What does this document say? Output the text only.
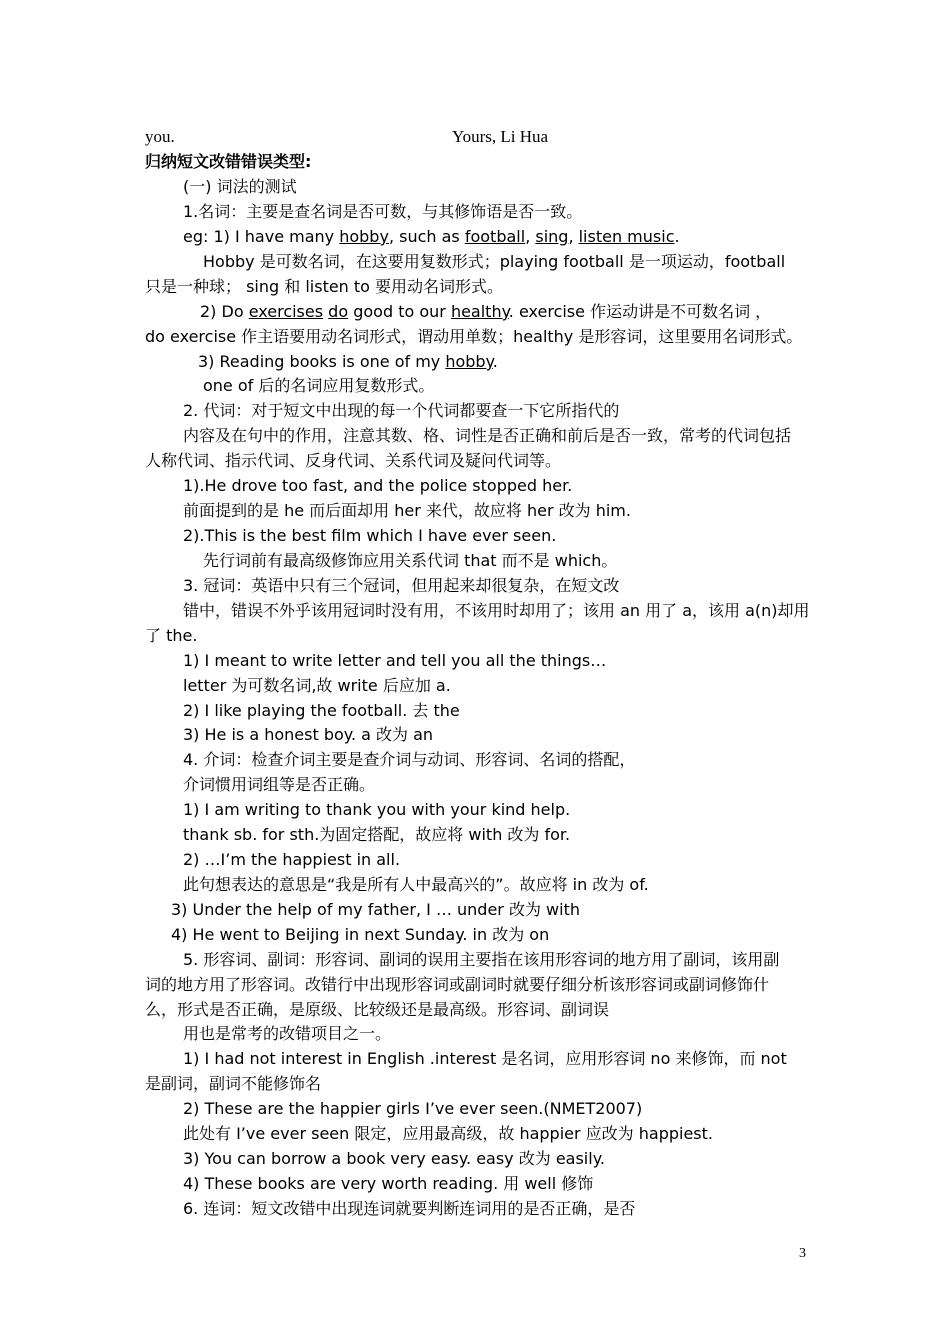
you.	Yours, Li Hua
归纳短文改错错误类型:
(一) 词法的测试
1.名词：主要是查名词是否可数，与其修饰语是否一致。
eg: 1) I have many hobby, such as football, sing, listen music.
Hobby 是可数名词，在这要用复数形式；playing football 是一项运动，football
只是一种球； sing 和 listen to 要用动名词形式。
2) Do exercises do good to our healthy. exercise 作运动讲是不可数名词 ，
do exercise 作主语要用动名词形式，谓动用单数；healthy 是形容词，这里要用名词形式。
3) Reading books is one of my hobby.
one of 后的名词应用复数形式。
2. 代词：对于短文中出现的每一个代词都要查一下它所指代的
内容及在句中的作用，注意其数、格、词性是否正确和前后是否一致，常考的代词包括
人称代词、指示代词、反身代词、关系代词及疑问代词等。
1).He drove too fast, and the police stopped her.
前面提到的是 he 而后面却用 her 来代，故应将 her 改为 him.
2).This is the best film which I have ever seen.
先行词前有最高级修饰应用关系代词 that 而不是 which。
3. 冠词：英语中只有三个冠词，但用起来却很复杂，在短文改
错中，错误不外乎该用冠词时没有用，不该用时却用了；该用 an 用了 a，该用 a(n)却用
了 the.
1) I meant to write letter and tell you all the things…
letter 为可数名词,故 write 后应加 a.
2) I like playing the football. 去 the
3) He is a honest boy. a 改为 an
4. 介词：检查介词主要是查介词与动词、形容词、名词的搭配，
介词惯用词组等是否正确。
1) I am writing to thank you with your kind help.
thank sb. for sth.为固定搭配，故应将 with 改为 for.
2) …I’m the happiest in all.
此句想表达的意思是“我是所有人中最高兴的”。故应将 in 改为 of.
3) Under the help of my father, I … under 改为 with
4) He went to Beijing in next Sunday. in 改为 on
5. 形容词、副词：形容词、副词的误用主要指在该用形容词的地方用了副词，该用副
词的地方用了形容词。改错行中出现形容词或副词时就要仔细分析该形容词或副词修饰什
么，形式是否正确，是原级、比较级还是最高级。形容词、副词误
用也是常考的改错项目之一。
1) I had not interest in English .interest 是名词，应用形容词 no 来修饰，而 not
是副词，副词不能修饰名
2) These are the happier girls I’ve ever seen.(NMET2007)
此处有 I’ve ever seen 限定，应用最高级，故 happier 应改为 happiest.
3) You can borrow a book very easy. easy 改为 easily.
4) These books are very worth reading. 用 well 修饰
6. 连词：短文改错中出现连词就要判断连词用的是否正确，是否
3
